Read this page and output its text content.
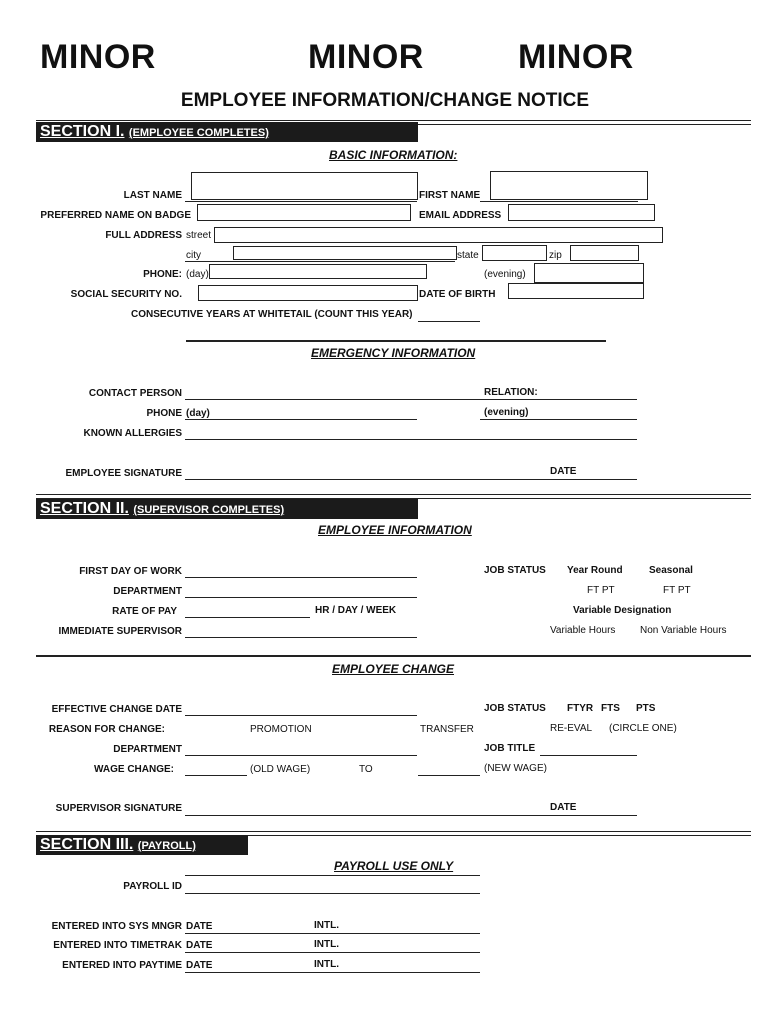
MINOR	MINOR	MINOR
EMPLOYEE INFORMATION/CHANGE NOTICE
SECTION I. (EMPLOYEE COMPLETES)
BASIC INFORMATION:
LAST NAME	FIRST NAME
PREFERRED NAME ON BADGE	EMAIL ADDRESS
FULL ADDRESS street
city	state	zip
PHONE: (day)	(evening)
SOCIAL SECURITY NO.	DATE OF BIRTH
CONSECUTIVE YEARS AT WHITETAIL (COUNT THIS YEAR)
EMERGENCY INFORMATION
CONTACT PERSON	RELATION:
PHONE (day)	(evening)
KNOWN ALLERGIES
EMPLOYEE SIGNATURE	DATE
SECTION II. (SUPERVISOR COMPLETES)
EMPLOYEE INFORMATION
FIRST DAY OF WORK	JOB STATUS Year Round	Seasonal
DEPARTMENT	FT PT	FT PT
RATE OF PAY	HR / DAY / WEEK	Variable Designation
IMMEDIATE SUPERVISOR	Variable Hours Non Variable Hours
EMPLOYEE CHANGE
EFFECTIVE CHANGE DATE	JOB STATUS FTYR FTS PTS
REASON FOR CHANGE:	PROMOTION	TRANSFER	RE-EVAL (CIRCLE ONE)
DEPARTMENT	JOB TITLE
WAGE CHANGE:	(OLD WAGE)	TO	(NEW WAGE)
SUPERVISOR SIGNATURE	DATE
SECTION III. (PAYROLL)
PAYROLL USE ONLY
PAYROLL ID
ENTERED INTO SYS MNGR DATE	INTL.
ENTERED INTO TIMETRAK DATE	INTL.
ENTERED INTO PAYTIME DATE	INTL.
